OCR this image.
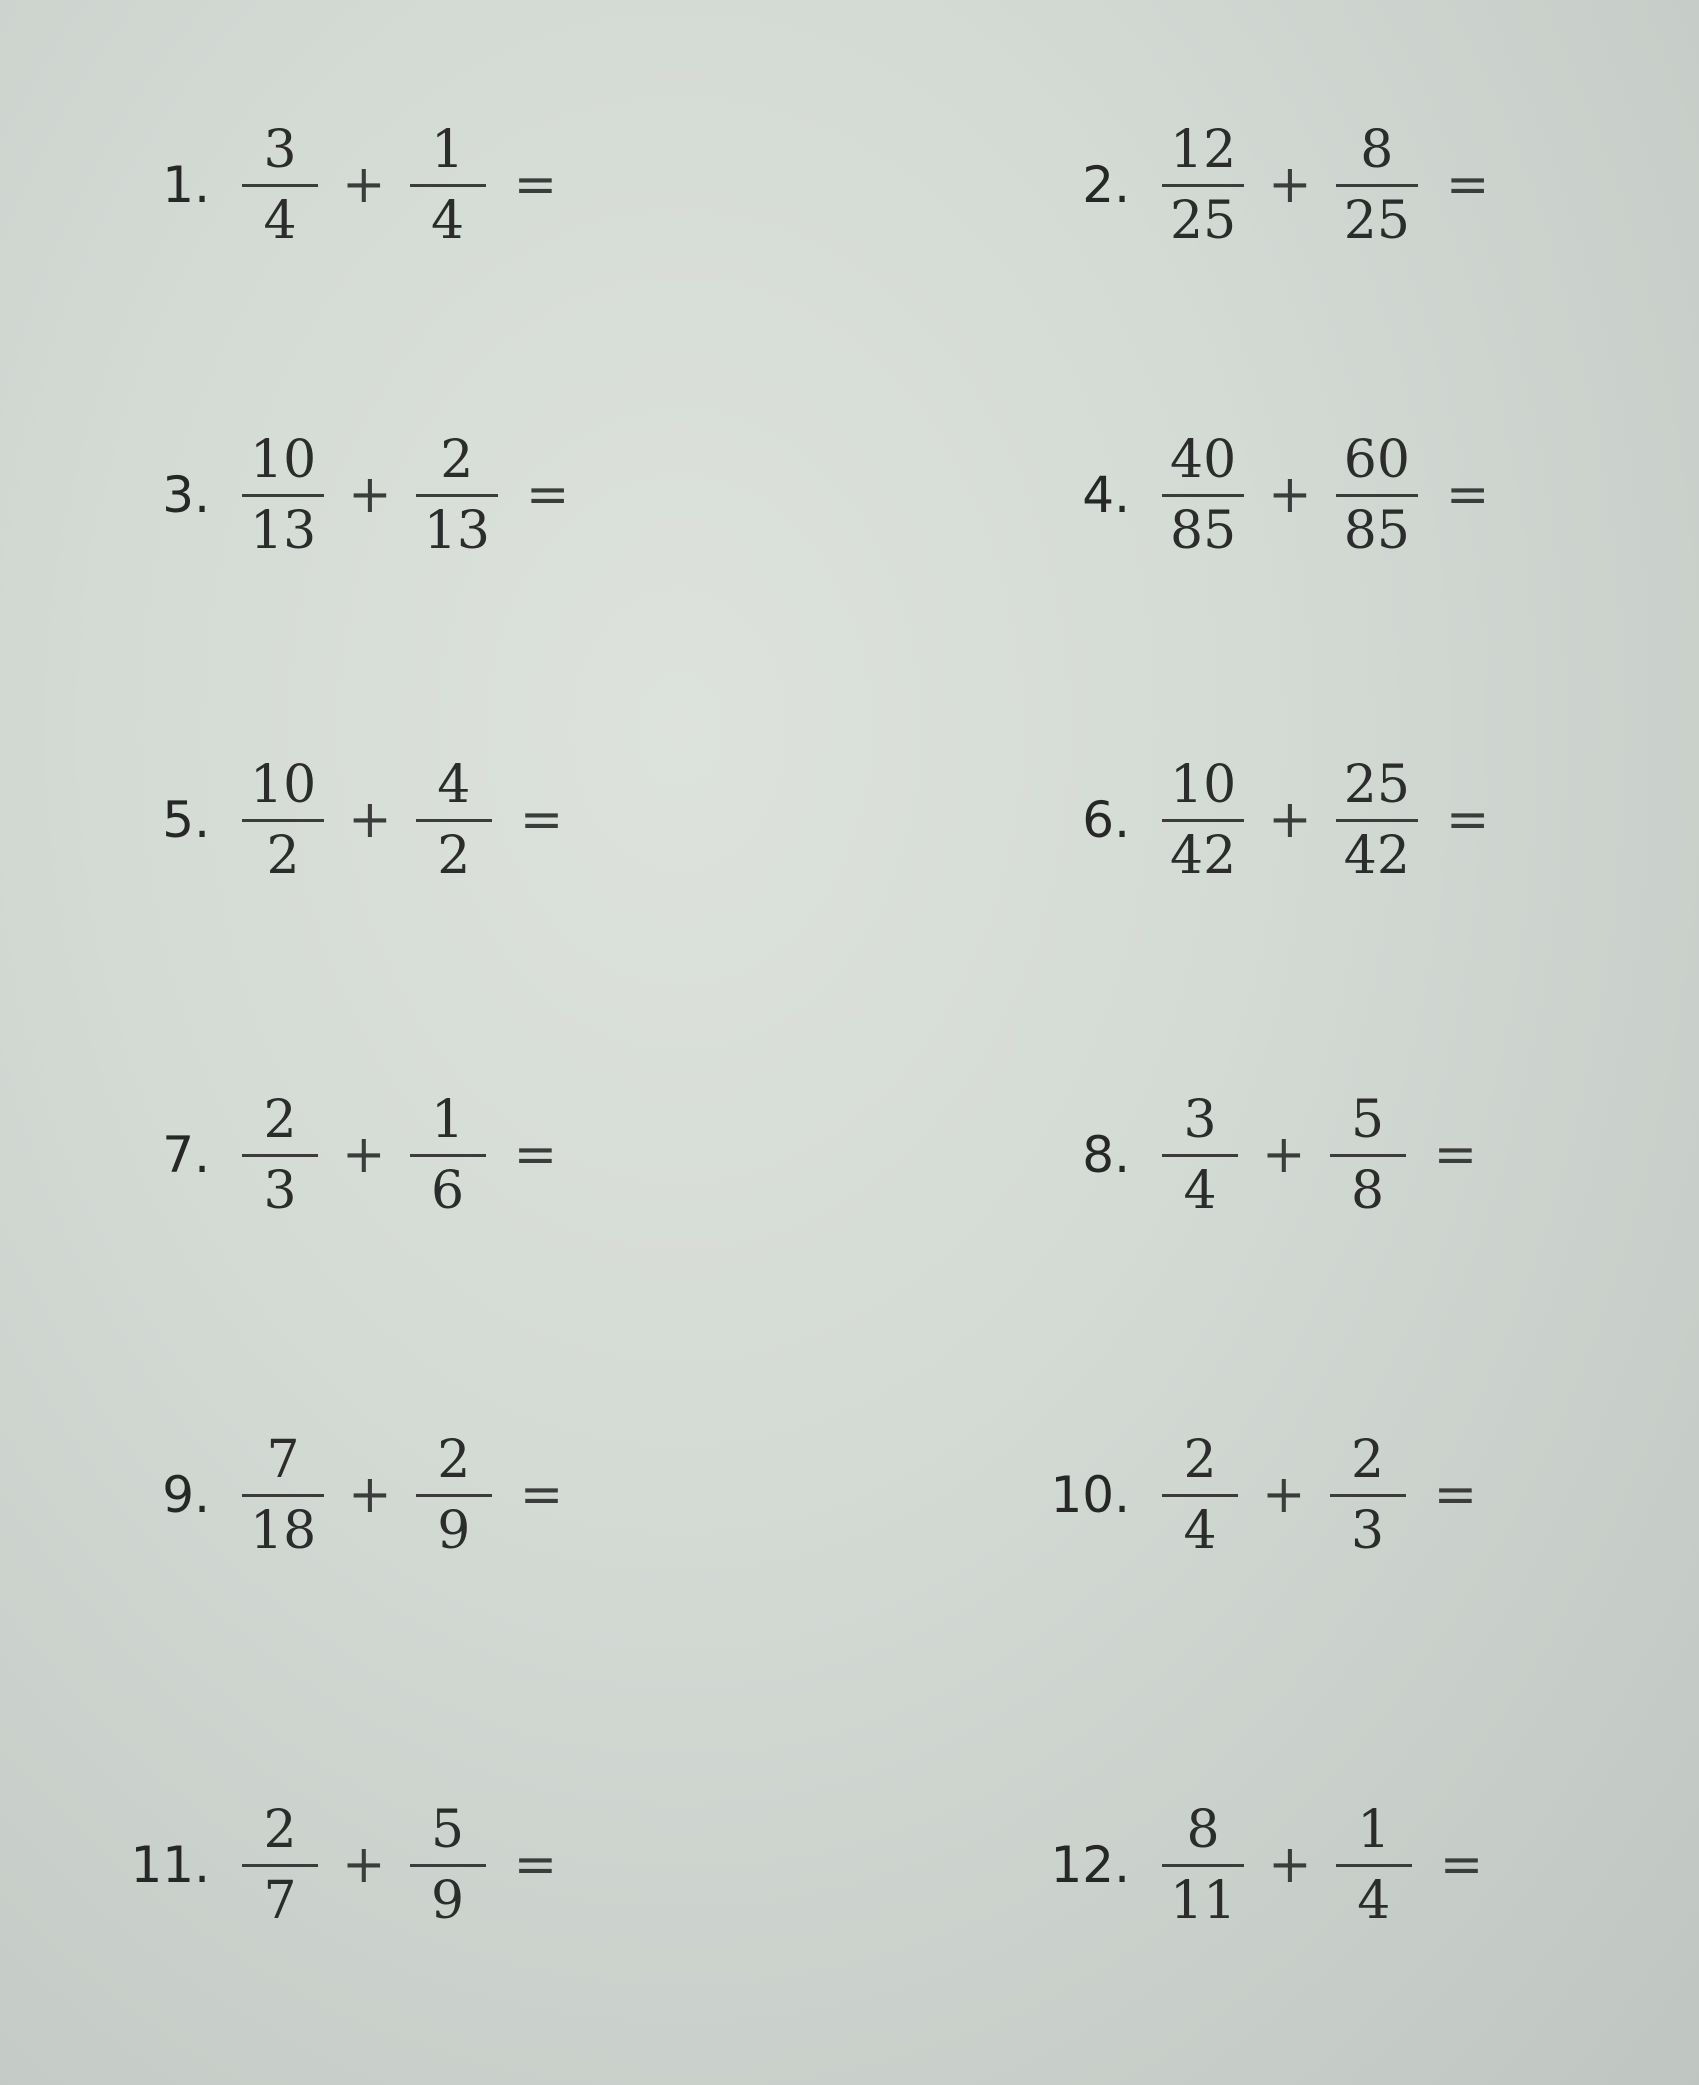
1. $\frac{3}{4} + \frac{1}{4}$ =	2. $\frac{12}{25} + \frac{8}{25}$ =
3. $\frac{10}{13} + \frac{2}{13}$ =	4. $\frac{40}{85} + \frac{60}{85}$ =
5. $\frac{10}{2} + \frac{4}{2}$ =	6. $\frac{10}{42} + \frac{25}{42}$ =
7. $\frac{2}{3} + \frac{1}{6}$ =	8. $\frac{3}{4} + \frac{5}{8}$ =
9. $\frac{7}{18} + \frac{2}{9}$ =	10. $\frac{2}{4} + \frac{2}{3}$ =
11. $\frac{2}{7} + \frac{5}{9}$ =	12. $\frac{8}{11} + \frac{1}{4}$ =
